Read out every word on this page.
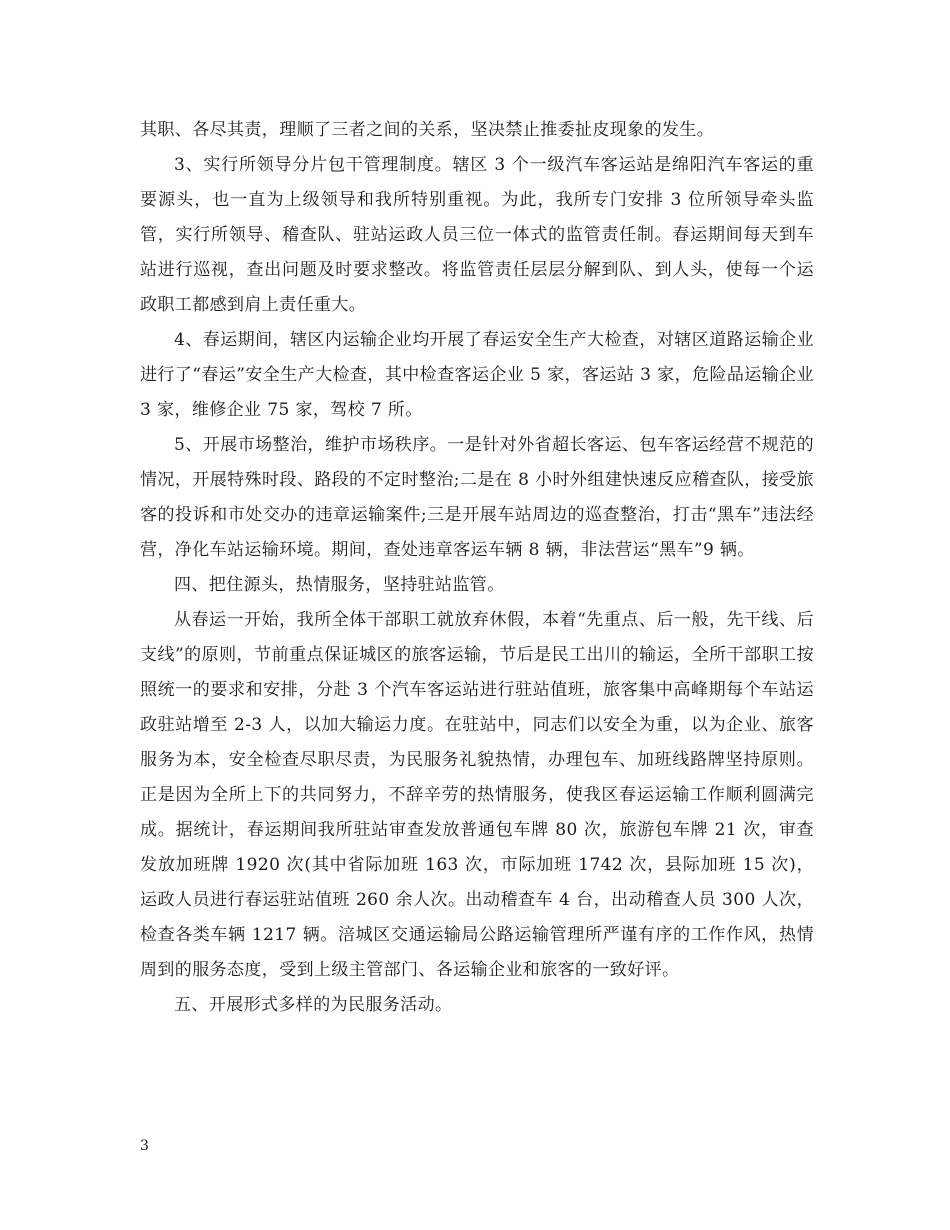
其职、各尽其责，理顺了三者之间的关系，坚决禁止推委扯皮现象的发生。

3、实行所领导分片包干管理制度。辖区 3 个一级汽车客运站是绵阳汽车客运的重要源头，也一直为上级领导和我所特别重视。为此，我所专门安排 3 位所领导牵头监管，实行所领导、稽查队、驻站运政人员三位一体式的监管责任制。春运期间每天到车站进行巡视，查出问题及时要求整改。将监管责任层层分解到队、到人头，使每一个运政职工都感到肩上责任重大。

4、春运期间，辖区内运输企业均开展了春运安全生产大检查，对辖区道路运输企业进行了“春运”安全生产大检查，其中检查客运企业 5 家，客运站 3 家，危险品运输企业 3 家，维修企业 75 家，驾校 7 所。

5、开展市场整治，维护市场秩序。一是针对外省超长客运、包车客运经营不规范的情况，开展特殊时段、路段的不定时整治;二是在 8 小时外组建快速反应稽查队，接受旅客的投诉和市处交办的违章运输案件;三是开展车站周边的巡查整治，打击“黑车”违法经营，净化车站运输环境。期间，查处违章客运车辆 8 辆，非法营运“黑车”9 辆。

四、把住源头，热情服务，坚持驻站监管。

从春运一开始，我所全体干部职工就放弃休假，本着“先重点、后一般，先干线、后支线”的原则，节前重点保证城区的旅客运输，节后是民工出川的输运，全所干部职工按照统一的要求和安排，分赴 3 个汽车客运站进行驻站值班，旅客集中高峰期每个车站运政驻站增至 2-3 人，以加大输运力度。在驻站中，同志们以安全为重，以为企业、旅客服务为本，安全检查尽职尽责，为民服务礼貌热情，办理包车、加班线路牌坚持原则。正是因为全所上下的共同努力，不辞辛劳的热情服务，使我区春运运输工作顺利圆满完成。据统计，春运期间我所驻站审查发放普通包车牌 80 次，旅游包车牌 21 次，审查发放加班牌 1920 次(其中省际加班 163 次，市际加班 1742 次，县际加班 15 次)，运政人员进行春运驻站值班 260 余人次。出动稽查车 4 台，出动稽查人员 300 人次，检查各类车辆 1217 辆。涪城区交通运输局公路运输管理所严谨有序的工作作风，热情周到的服务态度，受到上级主管部门、各运输企业和旅客的一致好评。

五、开展形式多样的为民服务活动。

3
